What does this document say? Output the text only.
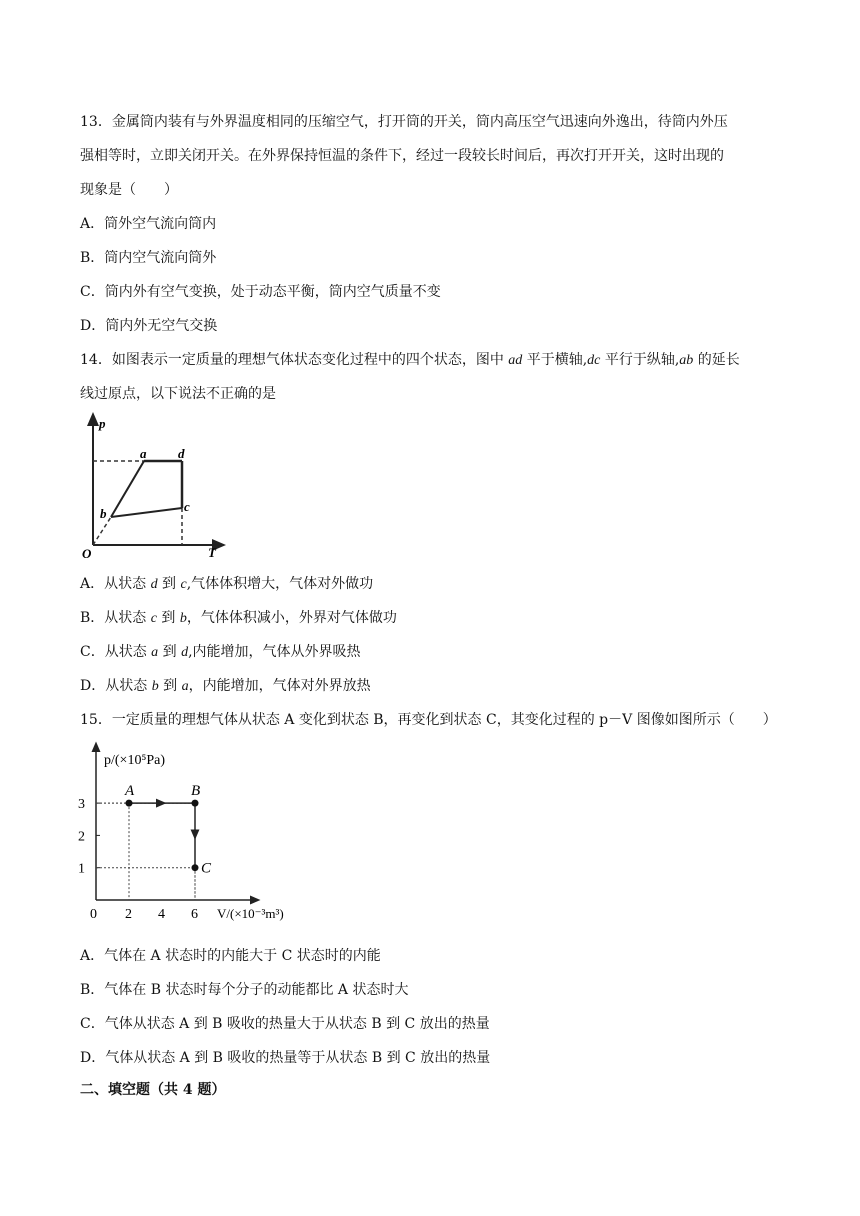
13．金属筒内装有与外界温度相同的压缩空气，打开筒的开关，筒内高压空气迅速向外逸出，待筒内外压
强相等时，立即关闭开关。在外界保持恒温的条件下，经过一段较长时间后，再次打开开关，这时出现的
现象是（　　）
A．筒外空气流向筒内
B．筒内空气流向筒外
C．筒内外有空气变换，处于动态平衡，筒内空气质量不变
D．筒内外无空气交换
14．如图表示一定质量的理想气体状态变化过程中的四个状态，图中 ad 平于横轴,dc 平行于纵轴,ab 的延长
线过原点，以下说法不正确的是
p
T
O
a d
c
b
A．从状态 d 到 c,气体体积增大，气体对外做功
B．从状态 c 到 b，气体体积减小，外界对气体做功
C．从状态 a 到 d,内能增加，气体从外界吸热
D．从状态 b 到 a，内能增加，气体对外界放热
15．一定质量的理想气体从状态 A 变化到状态 B，再变化到状态 C，其变化过程的 p－V 图像如图所示（　　）
p/(×10⁵Pa)
V/(×10⁻³m³)
0 2 4 6
1
2
3
A	B
C
A．气体在 A 状态时的内能大于 C 状态时的内能
B．气体在 B 状态时每个分子的动能都比 A 状态时大
C．气体从状态 A 到 B 吸收的热量大于从状态 B 到 C 放出的热量
D．气体从状态 A 到 B 吸收的热量等于从状态 B 到 C 放出的热量
二、填空题（共 4 题）
